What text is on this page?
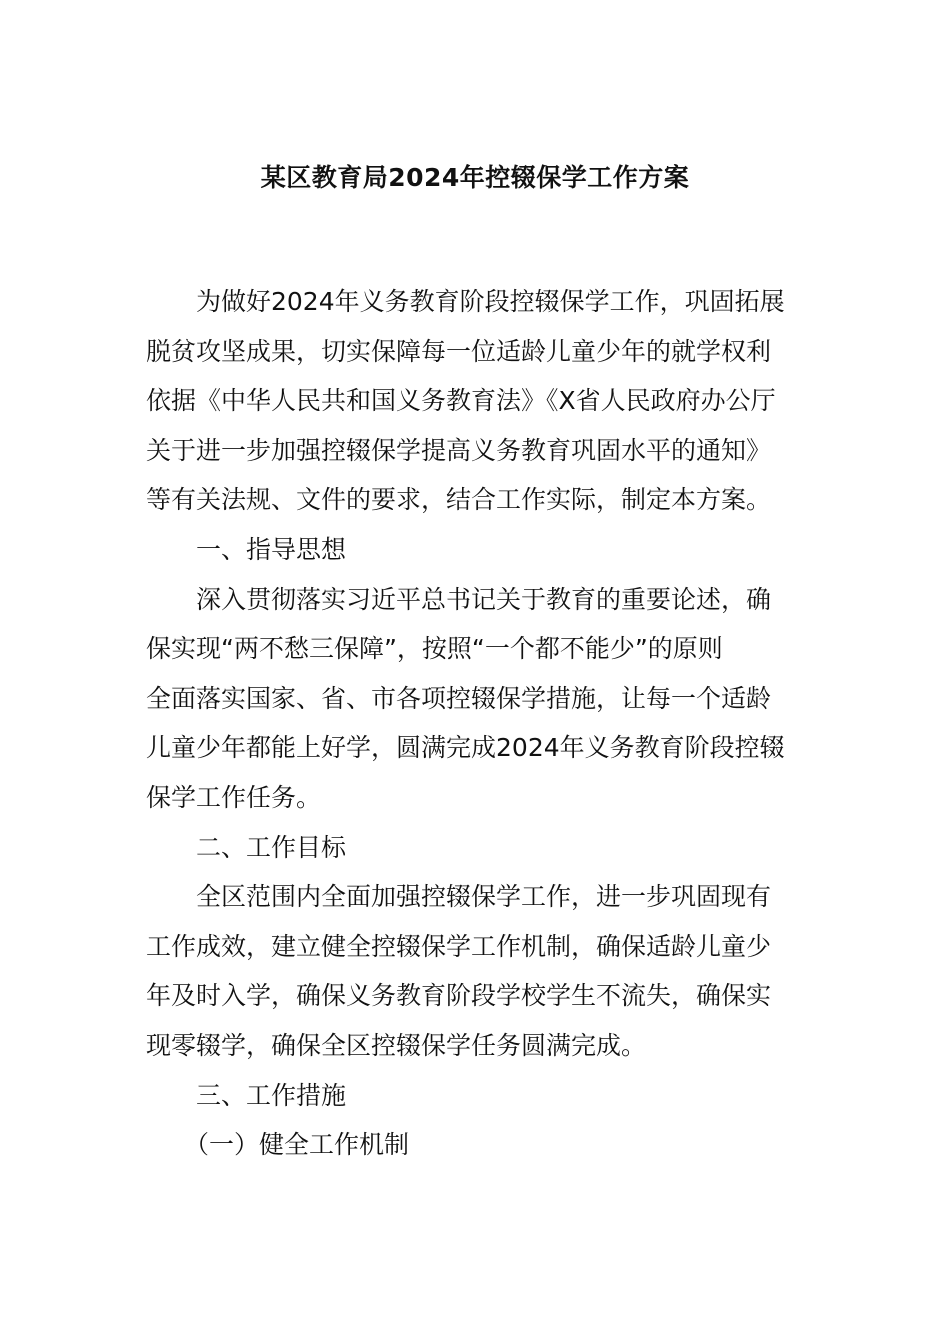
某区教育局2024年控辍保学工作方案
为做好2024年义务教育阶段控辍保学工作，巩固拓展
脱贫攻坚成果，切实保障每一位适龄儿童少年的就学权利
依据《中华人民共和国义务教育法》《X省人民政府办公厅
关于进一步加强控辍保学提高义务教育巩固水平的通知》
等有关法规、文件的要求，结合工作实际，制定本方案。
一、指导思想
深入贯彻落实习近平总书记关于教育的重要论述，确
保实现“两不愁三保障”，按照“一个都不能少”的原则
全面落实国家、省、市各项控辍保学措施，让每一个适龄
儿童少年都能上好学，圆满完成2024年义务教育阶段控辍
保学工作任务。
二、工作目标
全区范围内全面加强控辍保学工作，进一步巩固现有
工作成效，建立健全控辍保学工作机制，确保适龄儿童少
年及时入学，确保义务教育阶段学校学生不流失，确保实
现零辍学，确保全区控辍保学任务圆满完成。
三、工作措施
（一）健全工作机制
